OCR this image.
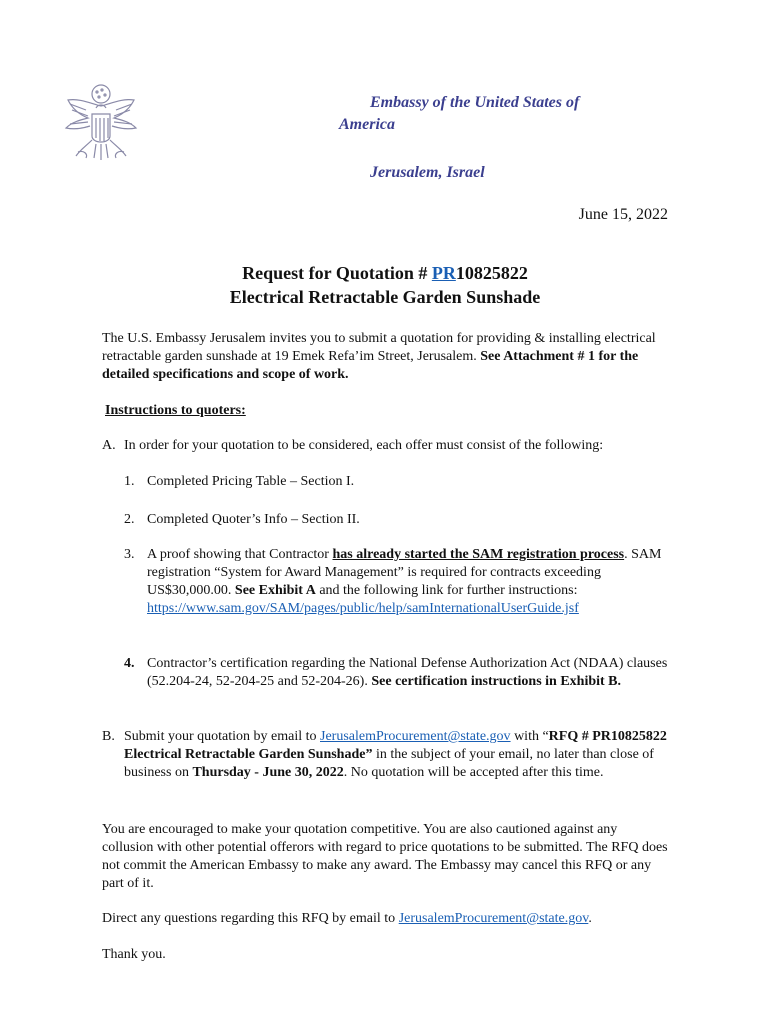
Embassy of the United States of
America
Jerusalem, Israel
June 15, 2022
Request for Quotation # PR10825822
Electrical Retractable Garden Sunshade
The U.S. Embassy Jerusalem invites you to submit a quotation for providing & installing electrical retractable garden sunshade at 19 Emek Refa’im Street, Jerusalem. See Attachment # 1 for the detailed specifications and scope of work.
Instructions to quoters:
A. In order for your quotation to be considered, each offer must consist of the following:
1. Completed Pricing Table – Section I.
2. Completed Quoter’s Info – Section II.
3. A proof showing that Contractor has already started the SAM registration process. SAM registration “System for Award Management” is required for contracts exceeding US$30,000.00. See Exhibit A and the following link for further instructions:
https://www.sam.gov/SAM/pages/public/help/samInternationalUserGuide.jsf
4. Contractor’s certification regarding the National Defense Authorization Act (NDAA) clauses (52.204-24, 52-204-25 and 52-204-26). See certification instructions in Exhibit B.
B. Submit your quotation by email to JerusalemProcurement@state.gov with “RFQ # PR10825822 Electrical Retractable Garden Sunshade” in the subject of your email, no later than close of business on Thursday - June 30, 2022. No quotation will be accepted after this time.
You are encouraged to make your quotation competitive. You are also cautioned against any collusion with other potential offerors with regard to price quotations to be submitted. The RFQ does not commit the American Embassy to make any award. The Embassy may cancel this RFQ or any part of it.
Direct any questions regarding this RFQ by email to JerusalemProcurement@state.gov.
Thank you.
